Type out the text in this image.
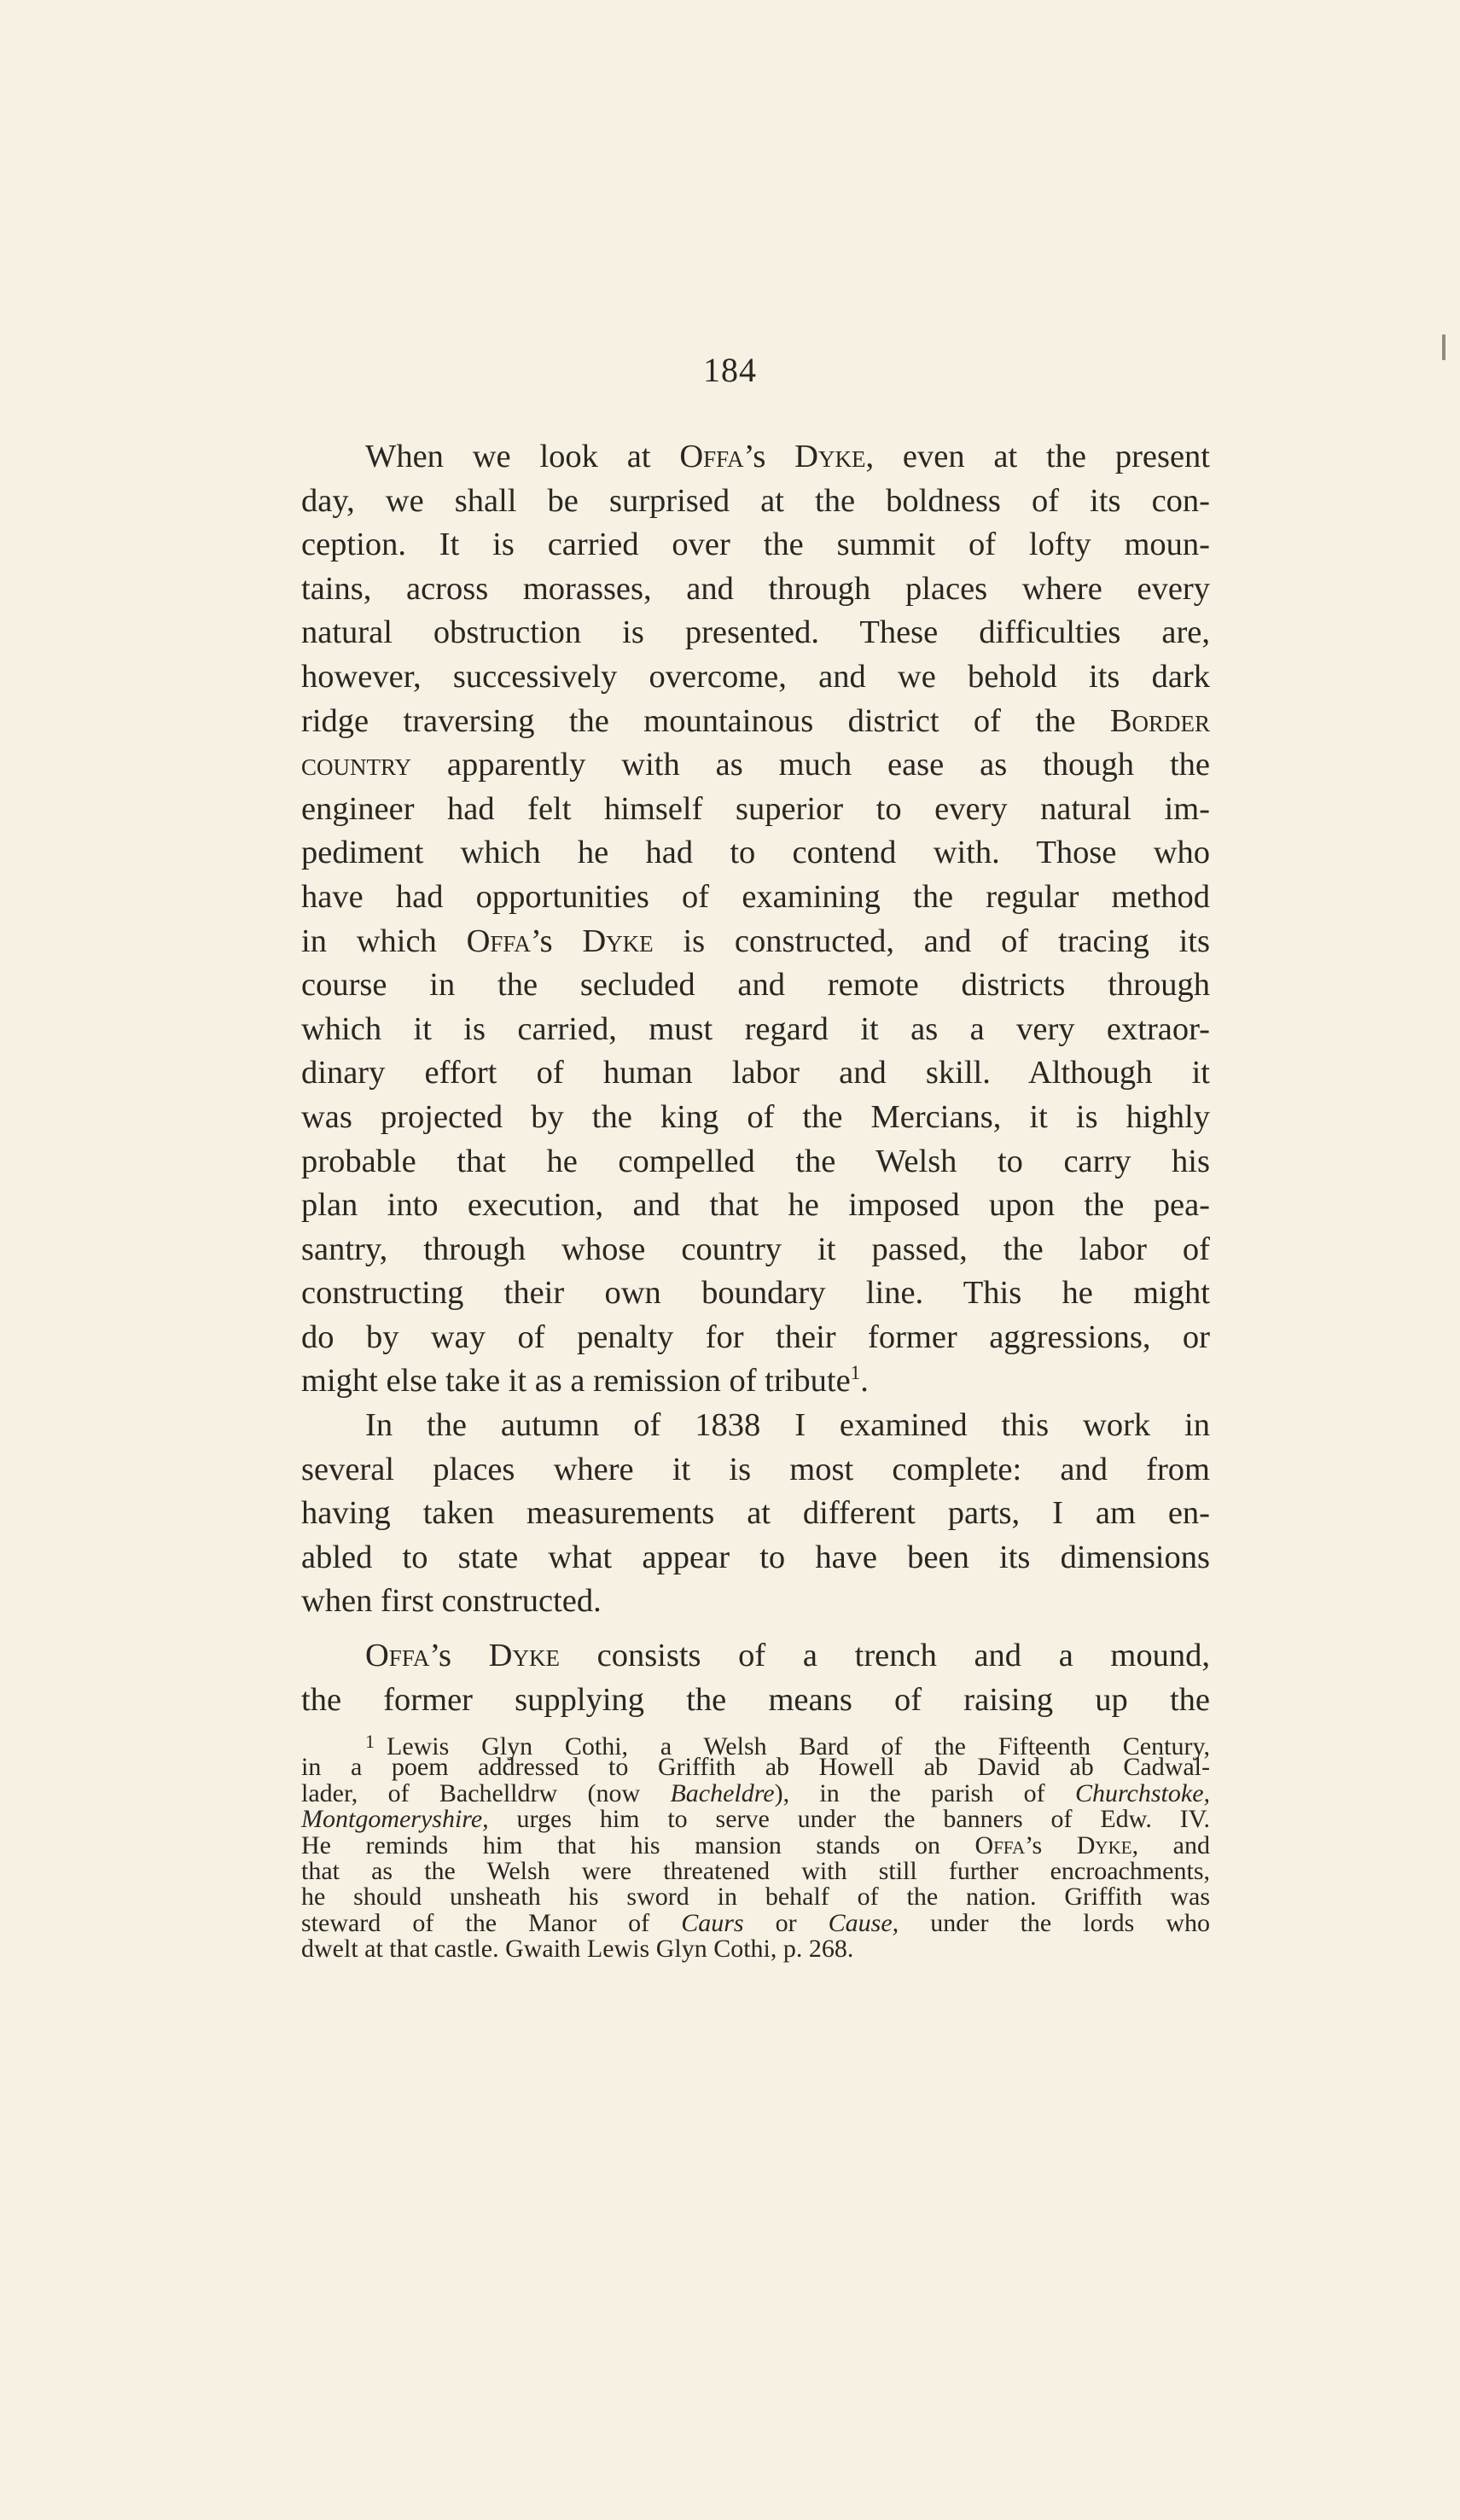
184
When we look at Offa’s Dyke, even at the present
day, we shall be surprised at the boldness of its con-
ception. It is carried over the summit of lofty moun-
tains, across morasses, and through places where every
natural obstruction is presented. These difficulties are,
however, successively overcome, and we behold its dark
ridge traversing the mountainous district of the Border
country apparently with as much ease as though the
engineer had felt himself superior to every natural im-
pediment which he had to contend with. Those who
have had opportunities of examining the regular method
in which Offa’s Dyke is constructed, and of tracing its
course in the secluded and remote districts through
which it is carried, must regard it as a very extraor-
dinary effort of human labor and skill. Although it
was projected by the king of the Mercians, it is highly
probable that he compelled the Welsh to carry his
plan into execution, and that he imposed upon the pea-
santry, through whose country it passed, the labor of
constructing their own boundary line. This he might
do by way of penalty for their former aggressions, or
might else take it as a remission of tribute$^1$.
In the autumn of 1838 I examined this work in
several places where it is most complete: and from
having taken measurements at different parts, I am en-
abled to state what appear to have been its dimensions
when first constructed.
Offa’s Dyke consists of a trench and a mound,
the former supplying the means of raising up the
$^1$ Lewis Glyn Cothi, a Welsh Bard of the Fifteenth Century,
in a poem addressed to Griffith ab Howell ab David ab Cadwal-
lader, of Bachelldrw (now Bacheldre), in the parish of Churchstoke,
Montgomeryshire, urges him to serve under the banners of Edw. IV.
He reminds him that his mansion stands on Offa’s Dyke, and
that as the Welsh were threatened with still further encroachments,
he should unsheath his sword in behalf of the nation. Griffith was
steward of the Manor of Caurs or Cause, under the lords who
dwelt at that castle. Gwaith Lewis Glyn Cothi, p. 268.
